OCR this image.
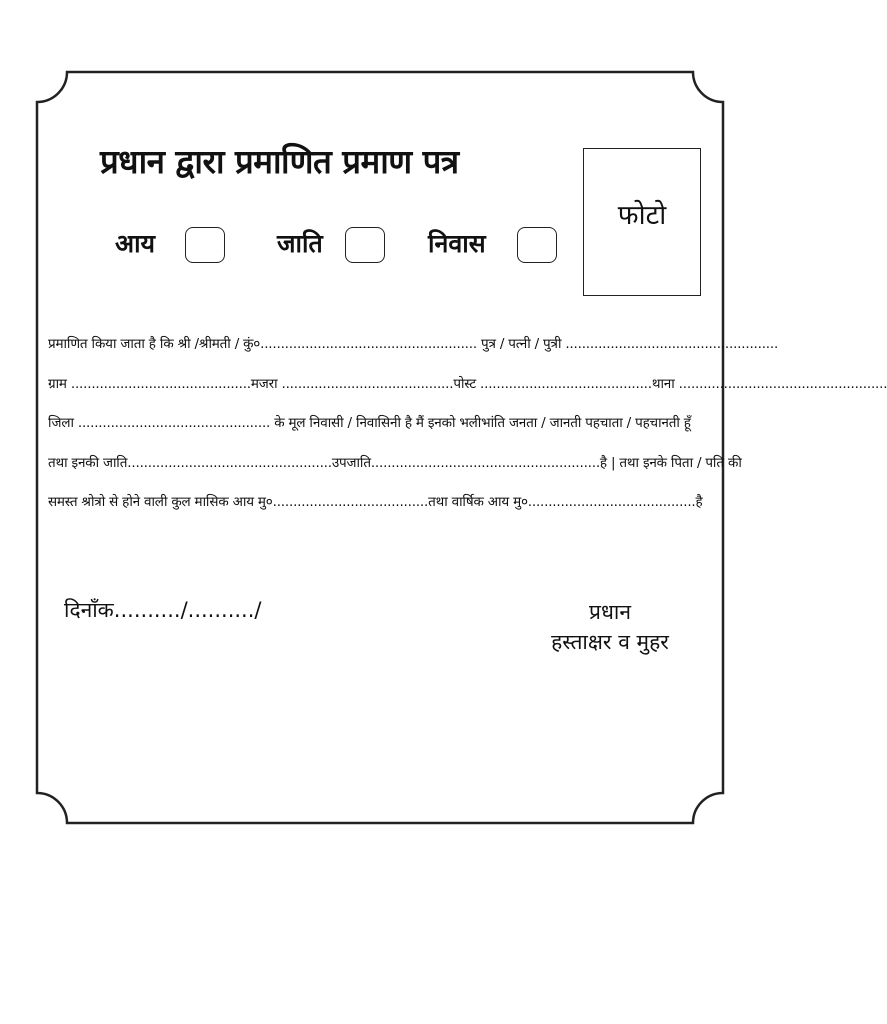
प्रधान द्वारा प्रमाणित प्रमाण पत्र
फोटो
आय	जाति	निवास
प्रमाणित किया जाता है कि श्री /श्रीमती / कुं०..................................................... पुत्र / पत्नी / पुत्री ....................................................
ग्राम ............................................मजरा ..........................................पोस्ट ..........................................थाना ...................................................
जिला ............................................... के मूल निवासी / निवासिनी है मैं इनको भलीभांति जनता / जानती पहचाता / पहचानती हूँ
तथा इनकी जाति..................................................उपजाति........................................................है | तथा इनके पिता / पति की
समस्त श्रोत्रो से होने वाली कुल मासिक आय मु०......................................तथा वार्षिक आय मु०.........................................है
दिनाँक........../........../	प्रधान
हस्ताक्षर व मुहर
